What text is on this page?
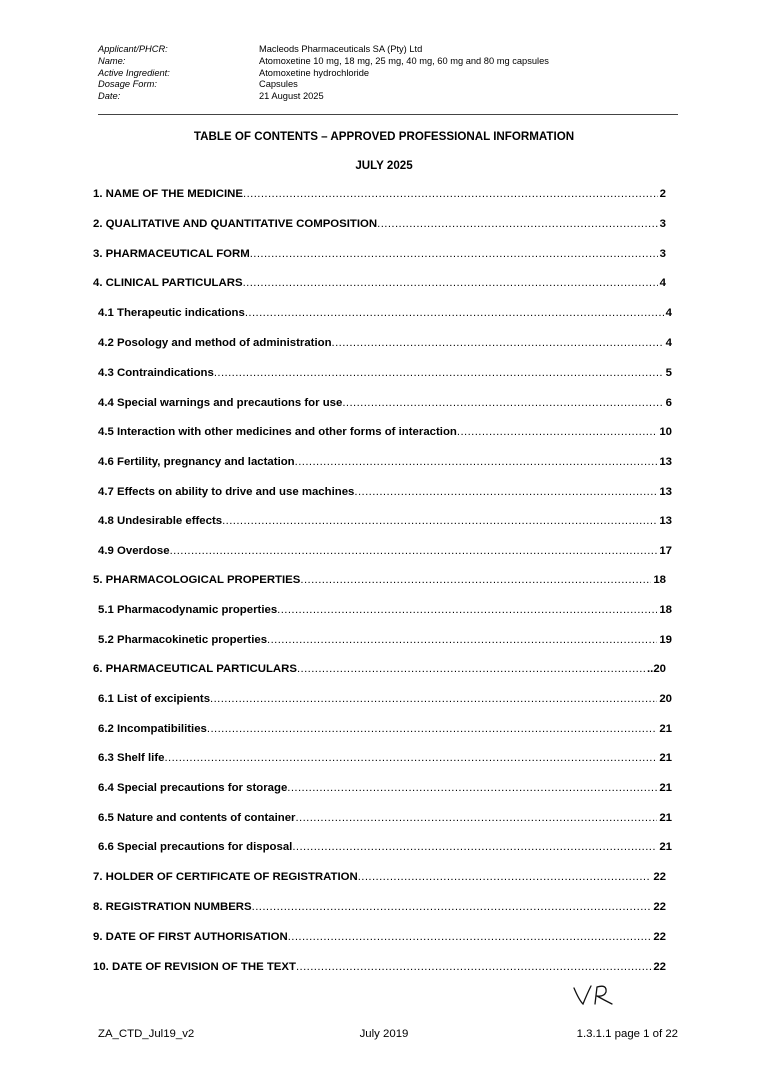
Applicant/PHCR:	Macleods Pharmaceuticals SA (Pty) Ltd
Name:	Atomoxetine 10 mg, 18 mg, 25 mg, 40 mg, 60 mg and 80 mg capsules
Active Ingredient:	Atomoxetine hydrochloride
Dosage Form:	Capsules
Date:	21 August 2025
TABLE OF CONTENTS – APPROVED PROFESSIONAL INFORMATION
JULY 2025
1. NAME OF THE MEDICINE .....	2
2. QUALITATIVE AND QUANTITATIVE COMPOSITION .....	3
3. PHARMACEUTICAL FORM .....	3
4. CLINICAL PARTICULARS .....	4
4.1 Therapeutic indications .....	4
4.2 Posology and method of administration .....	4
4.3 Contraindications .....	5
4.4 Special warnings and precautions for use .....	6
4.5 Interaction with other medicines and other forms of interaction .....	10
4.6 Fertility, pregnancy and lactation .....	13
4.7 Effects on ability to drive and use machines .....	13
4.8 Undesirable effects .....	13
4.9 Overdose .....	17
5. PHARMACOLOGICAL PROPERTIES .....	18
5.1 Pharmacodynamic properties .....	18
5.2 Pharmacokinetic properties .....	19
6. PHARMACEUTICAL PARTICULARS .....	..20
6.1 List of excipients .....	20
6.2 Incompatibilities .....	21
6.3 Shelf life .....	21
6.4 Special precautions for storage .....	21
6.5 Nature and contents of container .....	21
6.6 Special precautions for disposal .....	21
7. HOLDER OF CERTIFICATE OF REGISTRATION .....	22
8. REGISTRATION NUMBERS .....	22
9. DATE OF FIRST AUTHORISATION .....	22
10. DATE OF REVISION OF THE TEXT .....	22
ZA_CTD_Jul19_v2	July 2019	1.3.1.1 page 1 of 22
